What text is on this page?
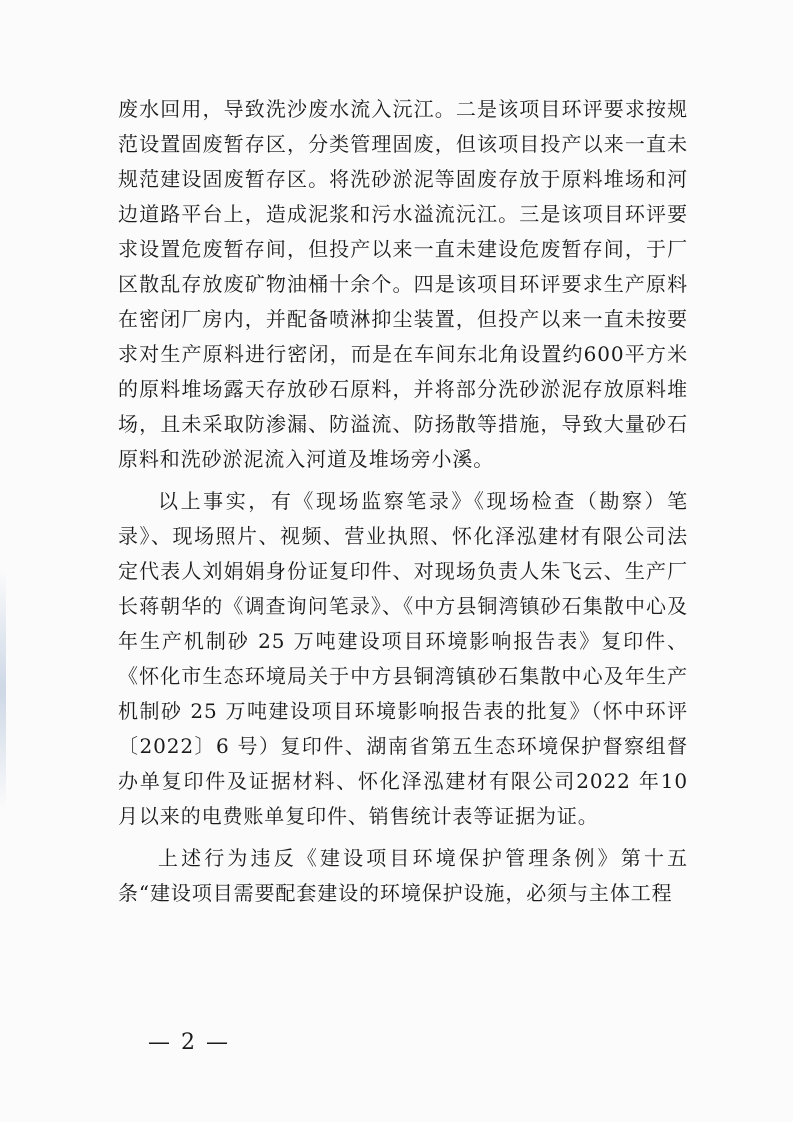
废水回用，导致洗沙废水流入沅江。二是该项目环评要求按规范设置固废暂存区，分类管理固废，但该项目投产以来一直未规范建设固废暂存区。将洗砂淤泥等固废存放于原料堆场和河边道路平台上，造成泥浆和污水溢流沅江。三是该项目环评要求设置危废暂存间，但投产以来一直未建设危废暂存间，于厂区散乱存放废矿物油桶十余个。四是该项目环评要求生产原料在密闭厂房内，并配备喷淋抑尘装置，但投产以来一直未按要求对生产原料进行密闭，而是在车间东北角设置约600平方米的原料堆场露天存放砂石原料，并将部分洗砂淤泥存放原料堆场，且未采取防渗漏、防溢流、防扬散等措施，导致大量砂石原料和洗砂淤泥流入河道及堆场旁小溪。

以上事实，有《现场监察笔录》《现场检查（勘察）笔录》、现场照片、视频、营业执照、怀化泽泓建材有限公司法定代表人刘娟娟身份证复印件、对现场负责人朱飞云、生产厂长蒋朝华的《调查询问笔录》、《中方县铜湾镇砂石集散中心及年生产机制砂 25 万吨建设项目环境影响报告表》复印件、《怀化市生态环境局关于中方县铜湾镇砂石集散中心及年生产机制砂 25 万吨建设项目环境影响报告表的批复》（怀中环评〔2022〕6 号）复印件、湖南省第五生态环境保护督察组督办单复印件及证据材料、怀化泽泓建材有限公司2022 年10 月以来的电费账单复印件、销售统计表等证据为证。

上述行为违反《建设项目环境保护管理条例》第十五条“建设项目需要配套建设的环境保护设施，必须与主体工程

— 2 —
